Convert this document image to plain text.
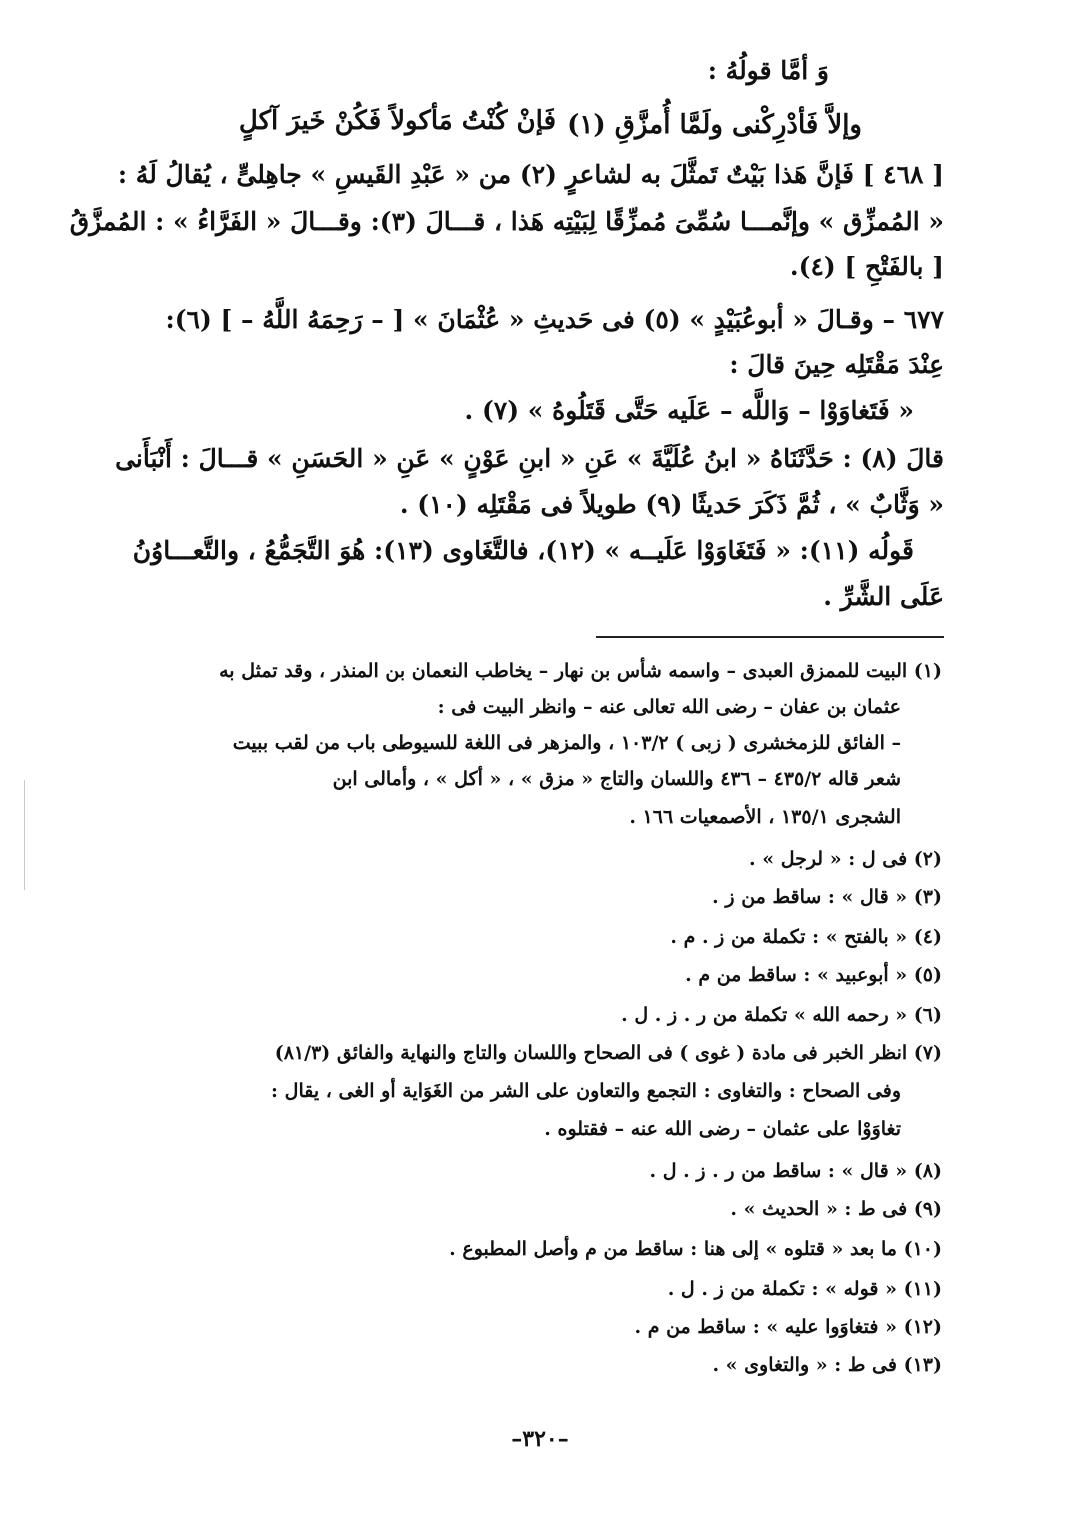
وَ أمَّا قولُهُ :
فَإنْ كُنْتُ مَأكولاً فَكُنْ خَيرَ آكلٍ وإلاَّ فَأدْرِكْنى ولَمَّا أُمزَّقِ (١)
[ ٤٦٨ ] فَإنَّ هَذا بَيْتٌ تَمثَّلَ به لشاعرٍ (٢) من « عَبْدِ القَيسِ » جاهِلىٍّ ، يُقالُ لَهُ :
« المُمزِّق » وإنَّمـــا سُمِّىَ مُمزِّقًا لِبَيْتِه هَذا ، قـــالَ (٣): وقـــالَ « الفَرَّاءُ » : المُمزَّقُ
[ بالفَتْحِ ] (٤).
٦٧٧ – وقـالَ « أبوعُبَيْدٍ » (٥) فى حَديثِ « عُثْمَانَ » [ – رَحِمَهُ اللَّهُ – ] (٦):
عِنْدَ مَقْتَلِه حِينَ قالَ :
« فَتَغاوَوْا – وَاللَّه – عَلَيه حَتَّى قَتَلُوهُ » (٧) .
قالَ (٨) : حَدَّثَنَاهُ « ابنُ عُلَيَّةَ » عَنِ « ابنِ عَوْنٍ » عَنِ « الحَسَنِ » قـــالَ : أَنْبَأَنى
« وَثَّابٌ » ، ثُمَّ ذَكَرَ حَديثًا (٩) طويلاً فى مَقْتَلِه (١٠) .
قَولُه (١١): « فَتَغَاوَوْا عَلَيــه » (١٢)، فالتَّغَاوى (١٣): هُوَ التَّجَمُّعُ ، والتَّعـــاوُنُ
عَلَى الشَّرِّ .
(١) البيت للممزق العبدى – واسمه شأس بن نهار – يخاطب النعمان بن المنذر ، وقد تمثل به
عثمان بن عفان – رضى الله تعالى عنه – وانظر البيت فى :
– الفائق للزمخشرى ( زبى ) ١٠٣/٢ ، والمزهر فى اللغة للسيوطى باب من لقب ببيت
شعر قاله ٤٣٥/٢ – ٤٣٦ واللسان والتاج « مزق » ، « أكل » ، وأمالى ابن
الشجرى ١٣٥/١ ، الأصمعيات ١٦٦ .
(٢) فى ل : « لرجل » .
(٣) « قال » : ساقط من ز .
(٤) « بالفتح » : تكملة من ز . م .
(٥) « أبوعبيد » : ساقط من م .
(٦) « رحمه الله » تكملة من ر . ز . ل .
(٧) انظر الخبر فى مادة ( غوى ) فى الصحاح واللسان والتاج والنهاية والفائق (٨١/٣)
وفى الصحاح : والتغاوى : التجمع والتعاون على الشر من الغَوَاية أو الغى ، يقال :
تغاوَوْا على عثمان – رضى الله عنه – فقتلوه .
(٨) « قال » : ساقط من ر . ز . ل .
(٩) فى ط : « الحديث » .
(١٠) ما بعد « قتلوه » إلى هنا : ساقط من م وأصل المطبوع .
(١١) « قوله » : تكملة من ز . ل .
(١٢) « فتغاوَوا عليه » : ساقط من م .
(١٣) فى ط : « والتغاوى » .
–٣٢٠–
